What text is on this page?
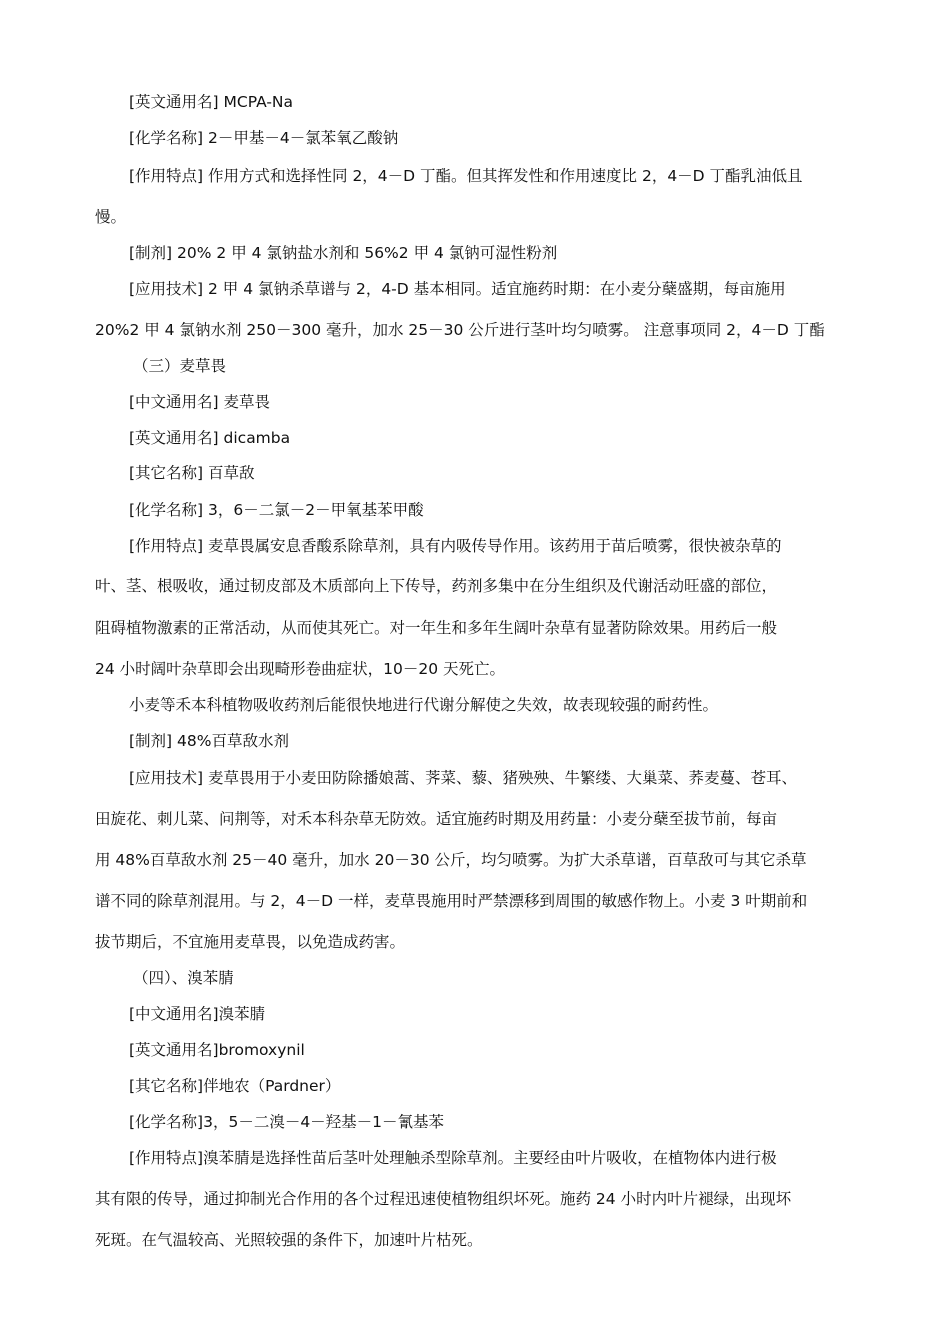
[英文通用名] MCPA-Na
[化学名称] 2－甲基－4－氯苯氧乙酸钠
[作用特点] 作用方式和选择性同 2，4－D 丁酯。但其挥发性和作用速度比 2，4－D 丁酯乳油低且
慢。
[制剂] 20% 2 甲 4 氯钠盐水剂和 56%2 甲 4 氯钠可湿性粉剂
[应用技术] 2 甲 4 氯钠杀草谱与 2，4-D 基本相同。适宜施药时期：在小麦分蘖盛期，每亩施用
20%2 甲 4 氯钠水剂 250－300 毫升，加水 25－30 公斤进行茎叶均匀喷雾。 注意事项同 2，4－D 丁酯
（三）麦草畏
[中文通用名] 麦草畏
[英文通用名] dicamba
[其它名称] 百草敌
[化学名称] 3，6－二氯－2－甲氧基苯甲酸
[作用特点] 麦草畏属安息香酸系除草剂，具有内吸传导作用。该药用于苗后喷雾，很快被杂草的
叶、茎、根吸收，通过韧皮部及木质部向上下传导，药剂多集中在分生组织及代谢活动旺盛的部位，
阻碍植物激素的正常活动，从而使其死亡。对一年生和多年生阔叶杂草有显著防除效果。用药后一般
24 小时阔叶杂草即会出现畸形卷曲症状，10－20 天死亡。
小麦等禾本科植物吸收药剂后能很快地进行代谢分解使之失效，故表现较强的耐药性。
[制剂] 48%百草敌水剂
[应用技术] 麦草畏用于小麦田防除播娘蒿、荠菜、藜、猪殃殃、牛繁缕、大巢菜、荞麦蔓、苍耳、
田旋花、刺儿菜、问荆等，对禾本科杂草无防效。适宜施药时期及用药量：小麦分蘖至拔节前，每亩
用 48%百草敌水剂 25－40 毫升，加水 20－30 公斤，均匀喷雾。为扩大杀草谱，百草敌可与其它杀草
谱不同的除草剂混用。与 2，4－D 一样，麦草畏施用时严禁漂移到周围的敏感作物上。小麦 3 叶期前和
拔节期后，不宜施用麦草畏，以免造成药害。
（四）、溴苯腈
[中文通用名]溴苯腈
[英文通用名]bromoxynil
[其它名称]伴地农（Pardner）
[化学名称]3，5－二溴－4－羟基－1－氰基苯
[作用特点]溴苯腈是选择性苗后茎叶处理触杀型除草剂。主要经由叶片吸收，在植物体内进行极
其有限的传导，通过抑制光合作用的各个过程迅速使植物组织坏死。施药 24 小时内叶片褪绿，出现坏
死斑。在气温较高、光照较强的条件下，加速叶片枯死。
